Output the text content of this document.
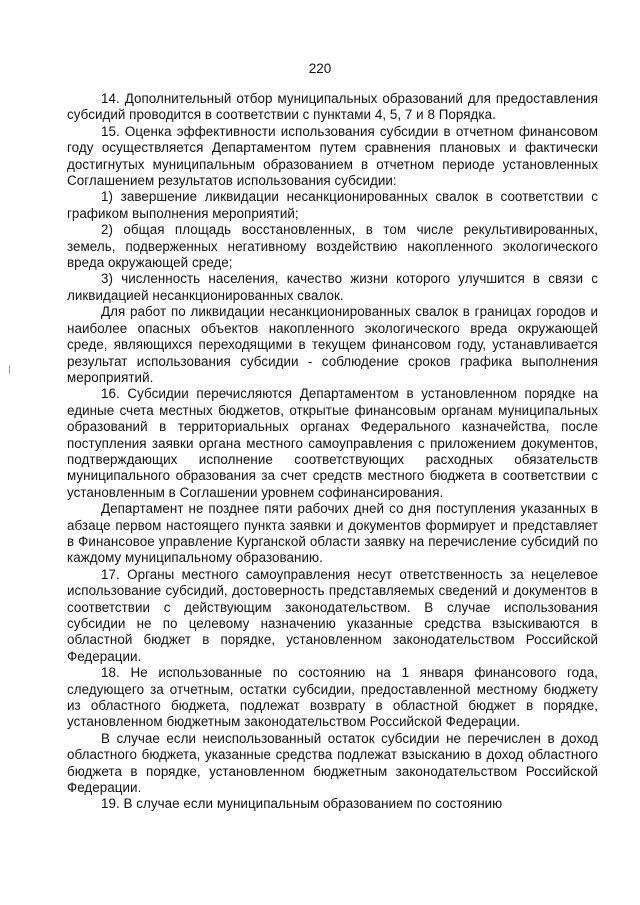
220

14. Дополнительный отбор муниципальных образований для предоставления субсидий проводится в соответствии с пунктами 4, 5, 7 и 8 Порядка.

15. Оценка эффективности использования субсидии в отчетном финансовом году осуществляется Департаментом путем сравнения плановых и фактически достигнутых муниципальным образованием в отчетном периоде установленных Соглашением результатов использования субсидии:

1) завершение ликвидации несанкционированных свалок в соответствии с графиком выполнения мероприятий;

2) общая площадь восстановленных, в том числе рекультивированных, земель, подверженных негативному воздействию накопленного экологического вреда окружающей среде;

3) численность населения, качество жизни которого улучшится в связи с ликвидацией несанкционированных свалок.

Для работ по ликвидации несанкционированных свалок в границах городов и наиболее опасных объектов накопленного экологического вреда окружающей среде, являющихся переходящими в текущем финансовом году, устанавливается результат использования субсидии - соблюдение сроков графика выполнения мероприятий.

16. Субсидии перечисляются Департаментом в установленном порядке на единые счета местных бюджетов, открытые финансовым органам муниципальных образований в территориальных органах Федерального казначейства, после поступления заявки органа местного самоуправления с приложением документов, подтверждающих исполнение соответствующих расходных обязательств муниципального образования за счет средств местного бюджета в соответствии с установленным в Соглашении уровнем софинансирования.

Департамент не позднее пяти рабочих дней со дня поступления указанных в абзаце первом настоящего пункта заявки и документов формирует и представляет в Финансовое управление Курганской области заявку на перечисление субсидий по каждому муниципальному образованию.

17. Органы местного самоуправления несут ответственность за нецелевое использование субсидий, достоверность представляемых сведений и документов в соответствии с действующим законодательством. В случае использования субсидии не по целевому назначению указанные средства взыскиваются в областной бюджет в порядке, установленном законодательством Российской Федерации.

18. Не использованные по состоянию на 1 января финансового года, следующего за отчетным, остатки субсидии, предоставленной местному бюджету из областного бюджета, подлежат возврату в областной бюджет в порядке, установленном бюджетным законодательством Российской Федерации.

В случае если неиспользованный остаток субсидии не перечислен в доход областного бюджета, указанные средства подлежат взысканию в доход областного бюджета в порядке, установленном бюджетным законодательством Российской Федерации.

19. В случае если муниципальным образованием по состоянию
